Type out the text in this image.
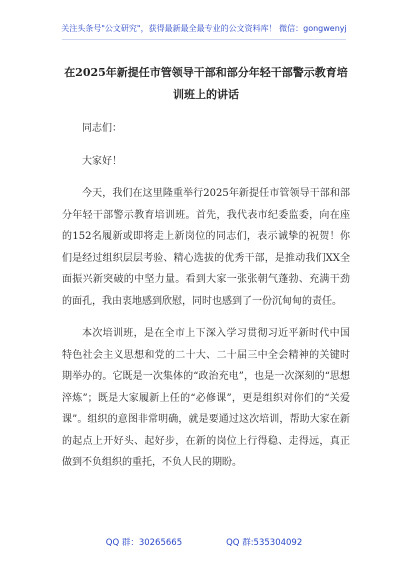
关注头条号"公文研究"，获得最新最全最专业的公文资料库！ 微信：gongwenyj
在2025年新提任市管领导干部和部分年轻干部警示教育培训班上的讲话

同志们：

大家好！

今天，我们在这里隆重举行2025年新提任市管领导干部和部分年轻干部警示教育培训班。首先，我代表市纪委监委，向在座的152名履新或即将走上新岗位的同志们，表示诚挚的祝贺！你们是经过组织层层考验、精心选拔的优秀干部，是推动我们XX全面振兴新突破的中坚力量。看到大家一张张朝气蓬勃、充满干劲的面孔，我由衷地感到欣慰，同时也感到了一份沉甸甸的责任。

本次培训班，是在全市上下深入学习贯彻习近平新时代中国特色社会主义思想和党的二十大、二十届三中全会精神的关键时期举办的。它既是一次集体的“政治充电”，也是一次深刻的“思想淬炼”；既是大家履新上任的“必修课”，更是组织对你们的“关爱课”。组织的意图非常明确，就是要通过这次培训，帮助大家在新的起点上开好头、起好步，在新的岗位上行得稳、走得远，真正做到不负组织的重托，不负人民的期盼。

QQ 群：30265665	QQ 群:535304092
